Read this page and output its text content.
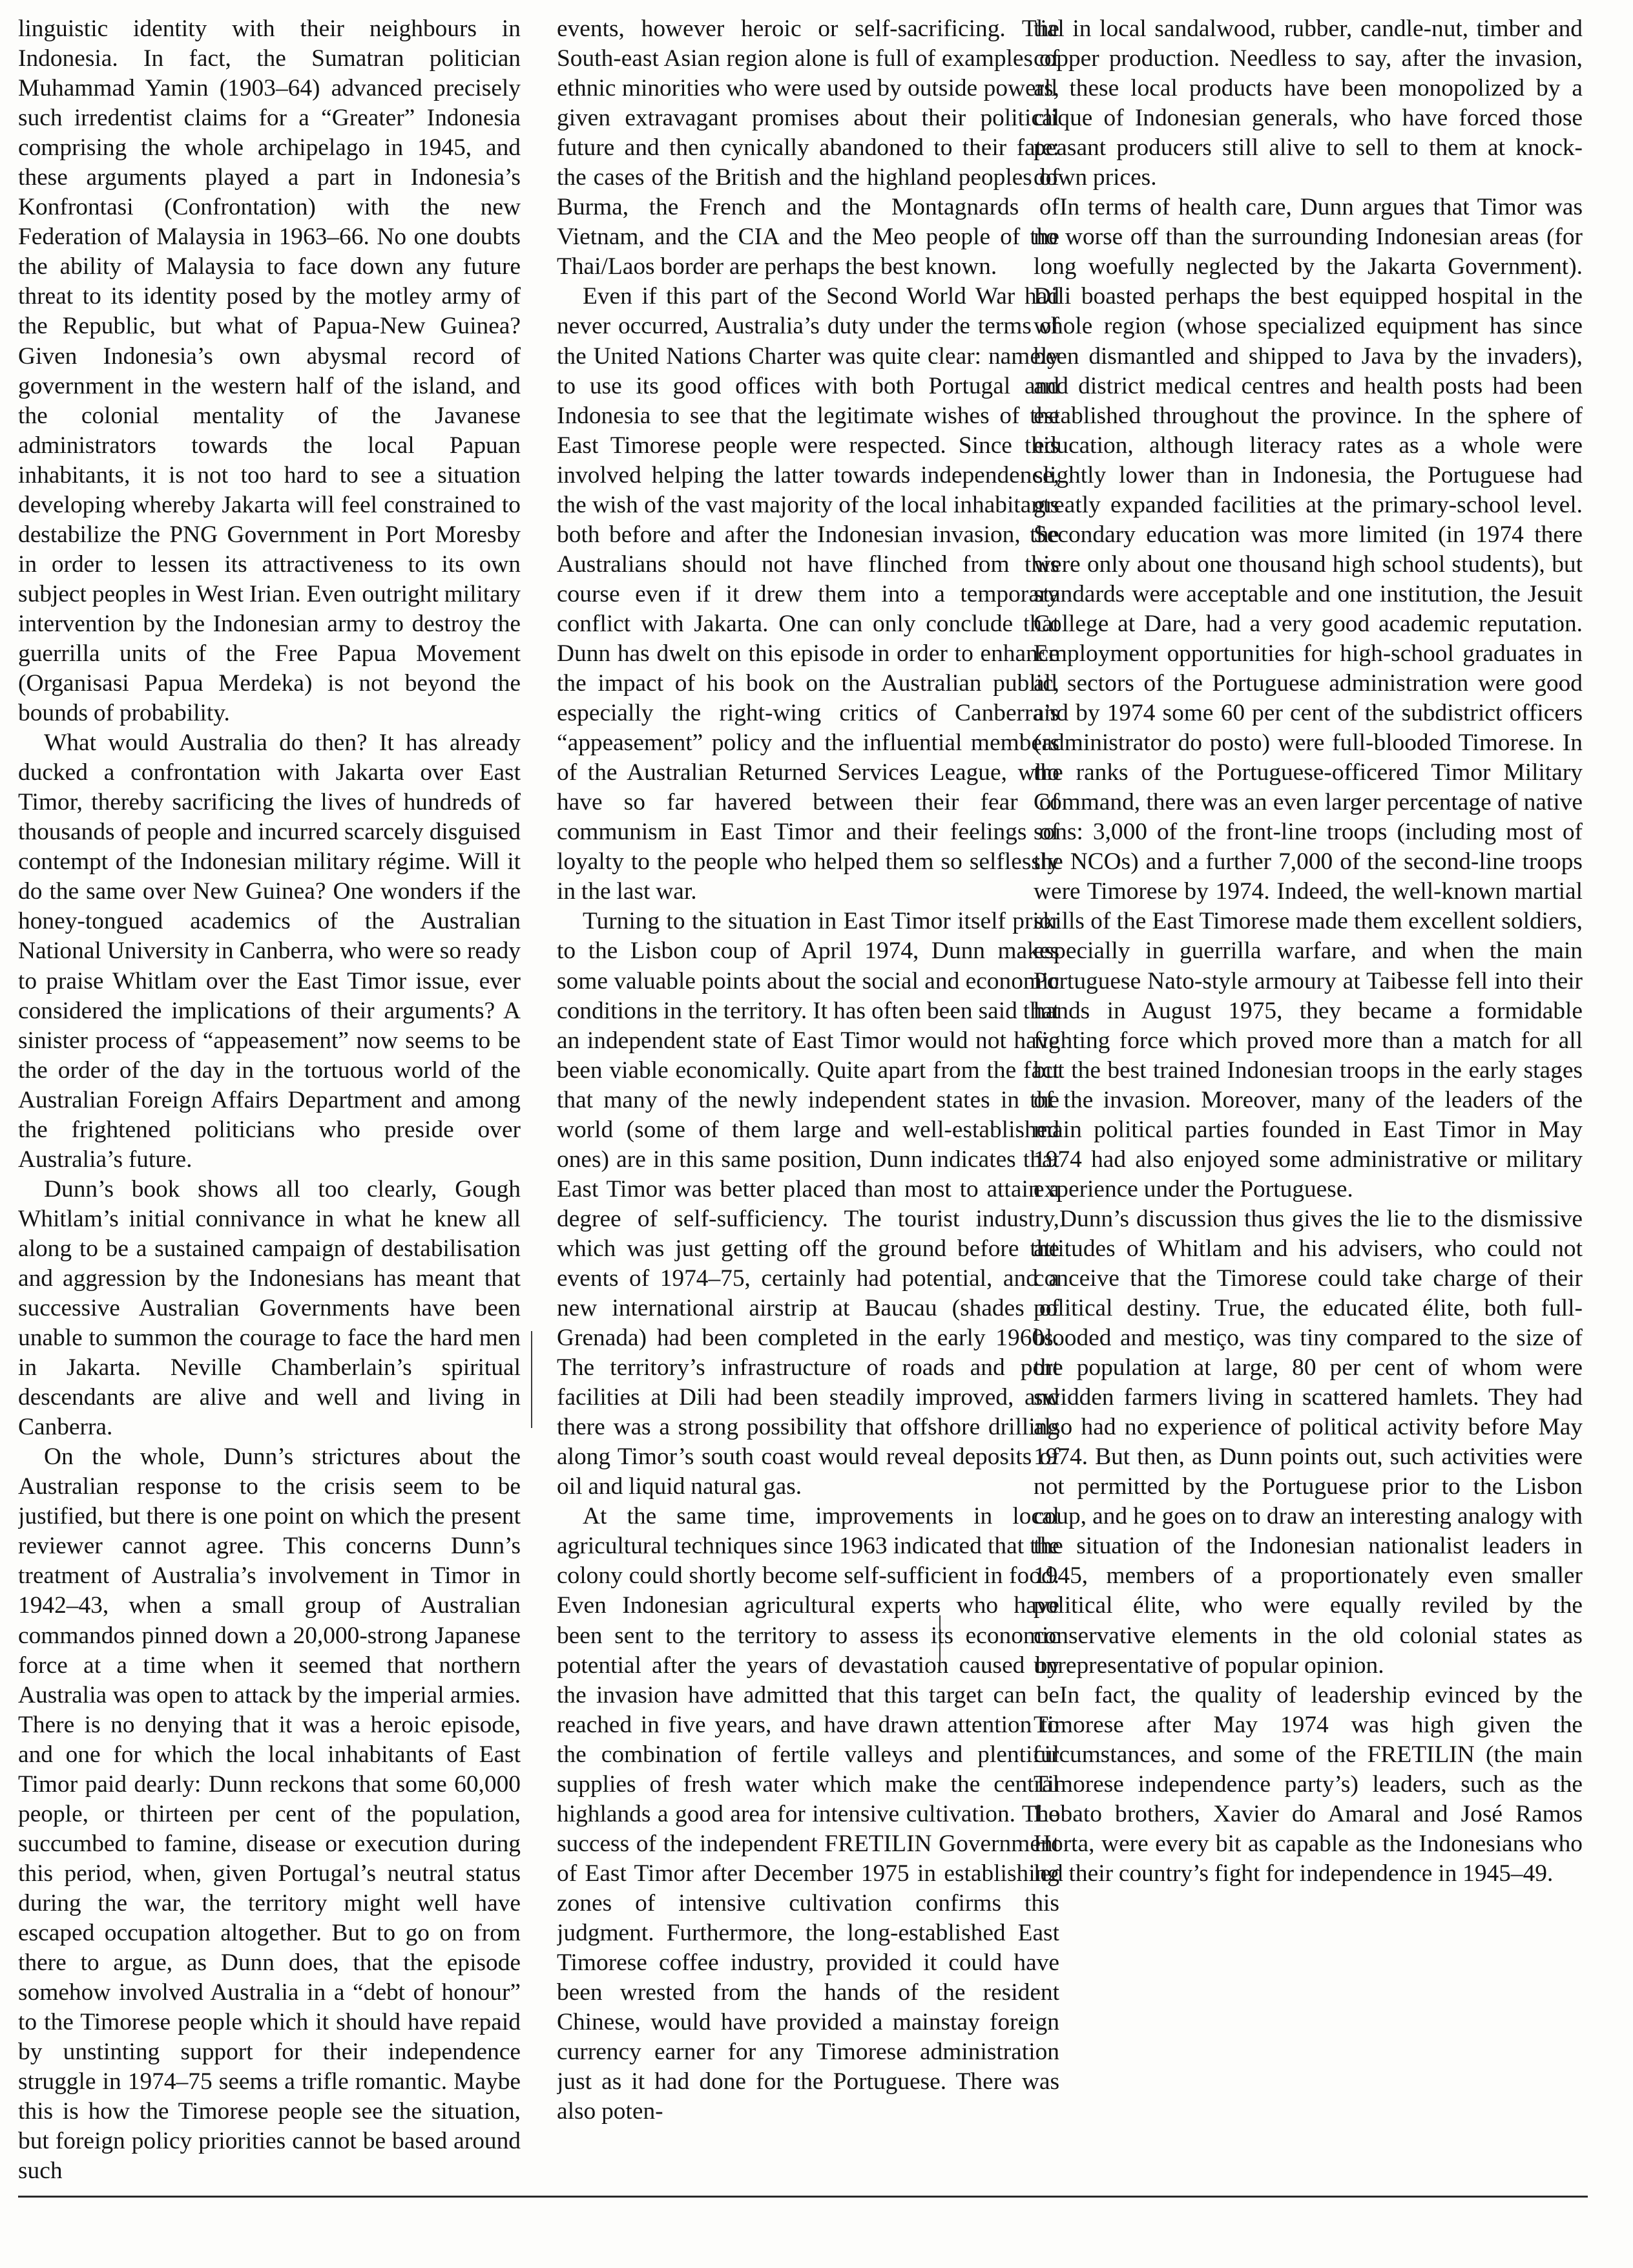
linguistic identity with their neighbours in Indonesia. In fact, the Sumatran politician Muhammad Yamin (1903–64) advanced precisely such irredentist claims for a “Greater” Indonesia comprising the whole archipelago in 1945, and these arguments played a part in Indonesia’s Konfrontasi (Confrontation) with the new Federation of Malaysia in 1963–66. No one doubts the ability of Malaysia to face down any future threat to its identity posed by the motley army of the Republic, but what of Papua-New Guinea? Given Indonesia’s own abysmal record of government in the western half of the island, and the colonial mentality of the Javanese administrators towards the local Papuan inhabitants, it is not too hard to see a situation developing whereby Jakarta will feel constrained to destabilize the PNG Government in Port Moresby in order to lessen its attractiveness to its own subject peoples in West Irian. Even outright military intervention by the Indonesian army to destroy the guerrilla units of the Free Papua Movement (Organisasi Papua Merdeka) is not beyond the bounds of probability.

What would Australia do then? It has already ducked a confrontation with Jakarta over East Timor, thereby sacrificing the lives of hundreds of thousands of people and incurred scarcely disguised contempt of the Indonesian military régime. Will it do the same over New Guinea? One wonders if the honey-tongued academics of the Australian National University in Canberra, who were so ready to praise Whitlam over the East Timor issue, ever considered the implications of their arguments? A sinister process of “appeasement” now seems to be the order of the day in the tortuous world of the Australian Foreign Affairs Department and among the frightened politicians who preside over Australia’s future.

Dunn’s book shows all too clearly, Gough Whitlam’s initial connivance in what he knew all along to be a sustained campaign of destabilisation and aggression by the Indonesians has meant that successive Australian Governments have been unable to summon the courage to face the hard men in Jakarta. Neville Chamberlain’s spiritual descendants are alive and well and living in Canberra.

On the whole, Dunn’s strictures about the Australian response to the crisis seem to be justified, but there is one point on which the present reviewer cannot agree. This concerns Dunn’s treatment of Australia’s involvement in Timor in 1942–43, when a small group of Australian commandos pinned down a 20,000-strong Japanese force at a time when it seemed that northern Australia was open to attack by the imperial armies. There is no denying that it was a heroic episode, and one for which the local inhabitants of East Timor paid dearly: Dunn reckons that some 60,000 people, or thirteen per cent of the population, succumbed to famine, disease or execution during this period, when, given Portugal’s neutral status during the war, the territory might well have escaped occupation altogether. But to go on from there to argue, as Dunn does, that the episode somehow involved Australia in a “debt of honour” to the Timorese people which it should have repaid by unstinting support for their independence struggle in 1974–75 seems a trifle romantic. Maybe this is how the Timorese people see the situation, but foreign policy priorities cannot be based around such

events, however heroic or self-sacrificing. The South-east Asian region alone is full of examples of ethnic minorities who were used by outside powers, given extravagant promises about their political future and then cynically abandoned to their fate: the cases of the British and the highland peoples of Burma, the French and the Montagnards of Vietnam, and the CIA and the Meo people of the Thai/Laos border are perhaps the best known.

Even if this part of the Second World War had never occurred, Australia’s duty under the terms of the United Nations Charter was quite clear: namely to use its good offices with both Portugal and Indonesia to see that the legitimate wishes of the East Timorese people were respected. Since this involved helping the latter towards independence, the wish of the vast majority of the local inhabitants both before and after the Indonesian invasion, the Australians should not have flinched from this course even if it drew them into a temporary conflict with Jakarta. One can only conclude that Dunn has dwelt on this episode in order to enhance the impact of his book on the Australian public, especially the right-wing critics of Canberra’s “appeasement” policy and the influential members of the Australian Returned Services League, who have so far havered between their fear of communism in East Timor and their feelings of loyalty to the people who helped them so selflessly in the last war.

Turning to the situation in East Timor itself prior to the Lisbon coup of April 1974, Dunn makes some valuable points about the social and economic conditions in the territory. It has often been said that an independent state of East Timor would not have been viable economically. Quite apart from the fact that many of the newly independent states in the world (some of them large and well-established ones) are in this same position, Dunn indicates that East Timor was better placed than most to attain a degree of self-sufficiency. The tourist industry, which was just getting off the ground before the events of 1974–75, certainly had potential, and a new international airstrip at Baucau (shades of Grenada) had been completed in the early 1960s. The territory’s infrastructure of roads and port facilities at Dili had been steadily improved, and there was a strong possibility that offshore drilling along Timor’s south coast would reveal deposits of oil and liquid natural gas.

At the same time, improvements in local agricultural techniques since 1963 indicated that the colony could shortly become self-sufficient in food. Even Indonesian agricultural experts who have been sent to the territory to assess its economic potential after the years of devastation caused by the invasion have admitted that this target can be reached in five years, and have drawn attention to the combination of fertile valleys and plentiful supplies of fresh water which make the central highlands a good area for intensive cultivation. The success of the independent FRETILIN Government of East Timor after December 1975 in establishing zones of intensive cultivation confirms this judgment. Furthermore, the long-established East Timorese coffee industry, provided it could have been wrested from the hands of the resident Chinese, would have provided a mainstay foreign currency earner for any Timorese administration just as it had done for the Portuguese. There was also poten-

tial in local sandalwood, rubber, candle-nut, timber and copper production. Needless to say, after the invasion, all these local products have been monopolized by a clique of Indonesian generals, who have forced those peasant producers still alive to sell to them at knock-down prices.

In terms of health care, Dunn argues that Timor was no worse off than the surrounding Indonesian areas (for long woefully neglected by the Jakarta Government). Dili boasted perhaps the best equipped hospital in the whole region (whose specialized equipment has since been dismantled and shipped to Java by the invaders), and district medical centres and health posts had been established throughout the province. In the sphere of education, although literacy rates as a whole were slightly lower than in Indonesia, the Portuguese had greatly expanded facilities at the primary-school level. Secondary education was more limited (in 1974 there were only about one thousand high school students), but standards were acceptable and one institution, the Jesuit College at Dare, had a very good academic reputation. Employment opportunities for high-school graduates in all sectors of the Portuguese administration were good and by 1974 some 60 per cent of the subdistrict officers (administrator do posto) were full-blooded Timorese. In the ranks of the Portuguese-officered Timor Military Command, there was an even larger percentage of native sons: 3,000 of the front-line troops (including most of the NCOs) and a further 7,000 of the second-line troops were Timorese by 1974. Indeed, the well-known martial skills of the East Timorese made them excellent soldiers, especially in guerrilla warfare, and when the main Portuguese Nato-style armoury at Taibesse fell into their hands in August 1975, they became a formidable fighting force which proved more than a match for all but the best trained Indonesian troops in the early stages of the invasion. Moreover, many of the leaders of the main political parties founded in East Timor in May 1974 had also enjoyed some administrative or military experience under the Portuguese.

Dunn’s discussion thus gives the lie to the dismissive attitudes of Whitlam and his advisers, who could not conceive that the Timorese could take charge of their political destiny. True, the educated élite, both full-blooded and mestiço, was tiny compared to the size of the population at large, 80 per cent of whom were swidden farmers living in scattered hamlets. They had also had no experience of political activity before May 1974. But then, as Dunn points out, such activities were not permitted by the Portuguese prior to the Lisbon coup, and he goes on to draw an interesting analogy with the situation of the Indonesian nationalist leaders in 1945, members of a proportionately even smaller political élite, who were equally reviled by the conservative elements in the old colonial states as unrepresentative of popular opinion.

In fact, the quality of leadership evinced by the Timorese after May 1974 was high given the circumstances, and some of the FRETILIN (the main Timorese independence party’s) leaders, such as the Lobato brothers, Xavier do Amaral and José Ramos Horta, were every bit as capable as the Indonesians who led their country’s fight for independence in 1945–49.
